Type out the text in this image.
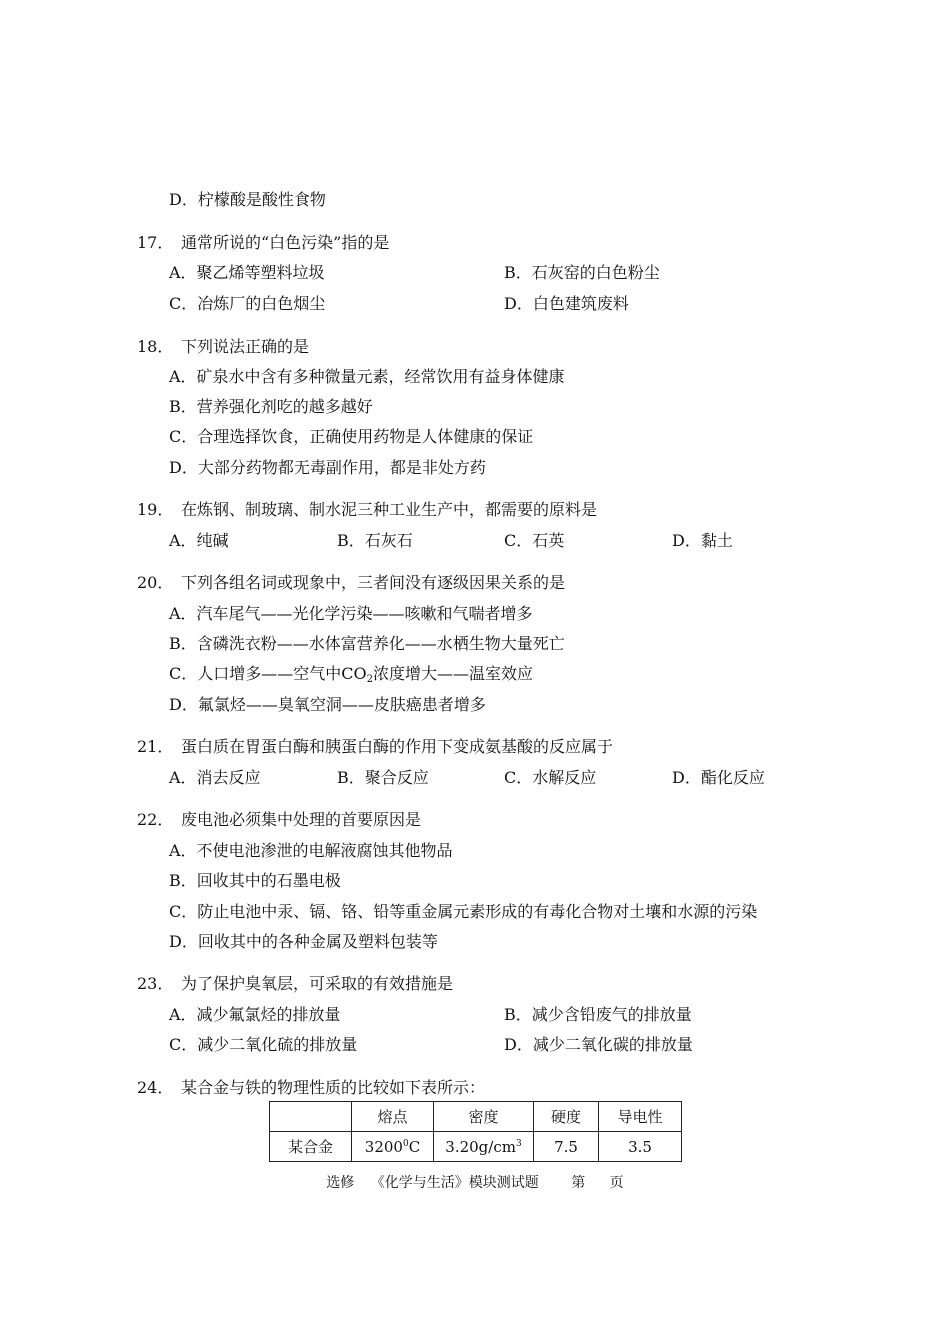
D．柠檬酸是酸性食物
17． 通常所说的“白色污染”指的是
A．聚乙烯等塑料垃圾	B．石灰窑的白色粉尘
C．冶炼厂的白色烟尘	D．白色建筑废料
18． 下列说法正确的是
A．矿泉水中含有多种微量元素，经常饮用有益身体健康
B．营养强化剂吃的越多越好
C．合理选择饮食，正确使用药物是人体健康的保证
D．大部分药物都无毒副作用，都是非处方药
19． 在炼钢、制玻璃、制水泥三种工业生产中，都需要的原料是
A．纯碱	B．石灰石	C．石英	D．黏土
20． 下列各组名词或现象中，三者间没有逐级因果关系的是
A．汽车尾气——光化学污染——咳嗽和气喘者增多
B．含磷洗衣粉——水体富营养化——水栖生物大量死亡
C．人口增多——空气中$CO_2$浓度增大——温室效应
D．氟氯烃——臭氧空洞——皮肤癌患者增多
21． 蛋白质在胃蛋白酶和胰蛋白酶的作用下变成氨基酸的反应属于
A．消去反应	B．聚合反应	C．水解反应	D．酯化反应
22． 废电池必须集中处理的首要原因是
A．不使电池渗泄的电解液腐蚀其他物品
B．回收其中的石墨电极
C．防止电池中汞、镉、铬、铅等重金属元素形成的有毒化合物对土壤和水源的污染
D．回收其中的各种金属及塑料包装等
23． 为了保护臭氧层，可采取的有效措施是
A．减少氟氯烃的排放量	B．减少含铅废气的排放量
C．减少二氧化硫的排放量	D．减少二氧化碳的排放量
24． 某合金与铁的物理性质的比较如下表所示：
	熔点	密度	硬度	导电性
某合金	3200$^0$C	$3.20g/cm^3$	7.5	3.5
选修 《化学与生活》模块测试题 第 页
